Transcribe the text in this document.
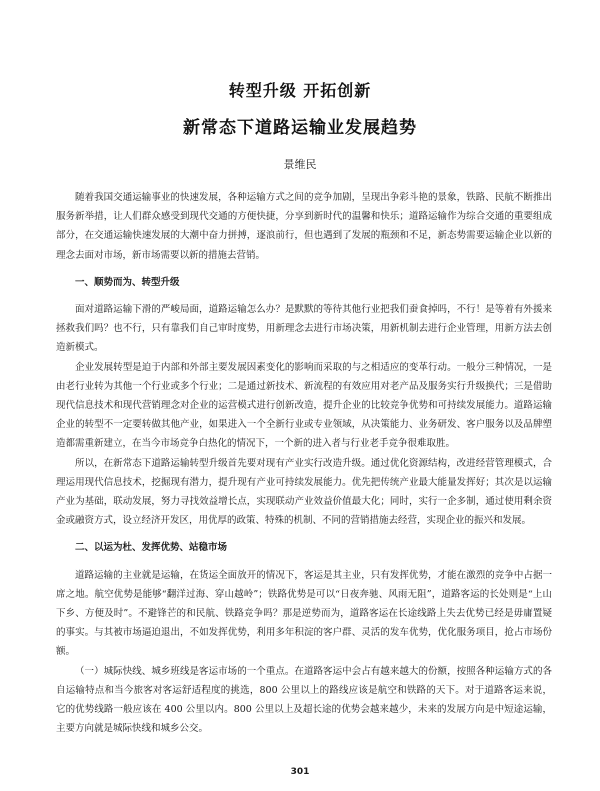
转型升级 开拓创新
新常态下道路运输业发展趋势
景维民

随着我国交通运输事业的快速发展，各种运输方式之间的竞争加剧，呈现出争彩斗艳的景象，铁路、民航不断推出服务新举措，让人们群众感受到现代交通的方便快捷，分享到新时代的温馨和快乐；道路运输作为综合交通的重要组成部分，在交通运输快速发展的大潮中奋力拼搏，逐浪前行，但也遇到了发展的瓶颈和不足，新态势需要运输企业以新的理念去面对市场，新市场需要以新的措施去营销。

一、顺势而为、转型升级

面对道路运输下滑的严峻局面，道路运输怎么办？是默默的等待其他行业把我们蚕食掉吗，不行！是等着有外援来拯救我们吗？也不行，只有靠我们自己审时度势，用新理念去进行市场决策，用新机制去进行企业管理，用新方法去创造新模式。

企业发展转型是迫于内部和外部主要发展因素变化的影响而采取的与之相适应的变革行动。一般分三种情况，一是由老行业转为其他一个行业或多个行业；二是通过新技术、新流程的有效应用对老产品及服务实行升级换代；三是借助现代信息技术和现代营销理念对企业的运营模式进行创新改造，提升企业的比较竞争优势和可持续发展能力。道路运输企业的转型不一定要转做其他产业，如果进入一个全新行业或专业领域，从决策能力、业务研发、客户服务以及品牌塑造都需重新建立，在当今市场竞争白热化的情况下，一个新的进入者与行业老手竞争很难取胜。

所以，在新常态下道路运输转型升级首先要对现有产业实行改造升级。通过优化资源结构，改进经营管理模式，合理运用现代信息技术，挖掘现有潜力，提升现有产业可持续发展能力。优先把传统产业最大能量发挥好；其次是以运输产业为基础，联动发展，努力寻找效益增长点，实现联动产业效益价值最大化；同时，实行一企多制，通过使用剩余资金或融资方式，设立经济开发区，用优厚的政策、特殊的机制、不同的营销措施去经营，实现企业的振兴和发展。

二、以运为杜、发挥优势、站稳市场

道路运输的主业就是运输，在货运全面放开的情况下，客运是其主业，只有发挥优势，才能在激烈的竞争中占据一席之地。航空优势是能够“翻洋过海、穿山越岭”；铁路优势是可以“日夜奔驰、风雨无阻”，道路客运的长处则是“上山下乡、方便及时”。不避锋芒的和民航、铁路竞争吗？那是逆势而为，道路客运在长途线路上失去优势已经是毋庸置疑的事实。与其被市场逼迫退出，不如发挥优势，利用多年积淀的客户群、灵活的发车优势，优化服务项目，抢占市场份额。

（一）城际快线、城乡班线是客运市场的一个重点。在道路客运中会占有越来越大的份额，按照各种运输方式的各自运输特点和当今旅客对客运舒适程度的挑选，800 公里以上的路线应该是航空和铁路的天下。对于道路客运来说，它的优势线路一般应该在 400 公里以内。800 公里以上及超长途的优势会越来越少，未来的发展方向是中短途运输，主要方向就是城际快线和城乡公交。

301
